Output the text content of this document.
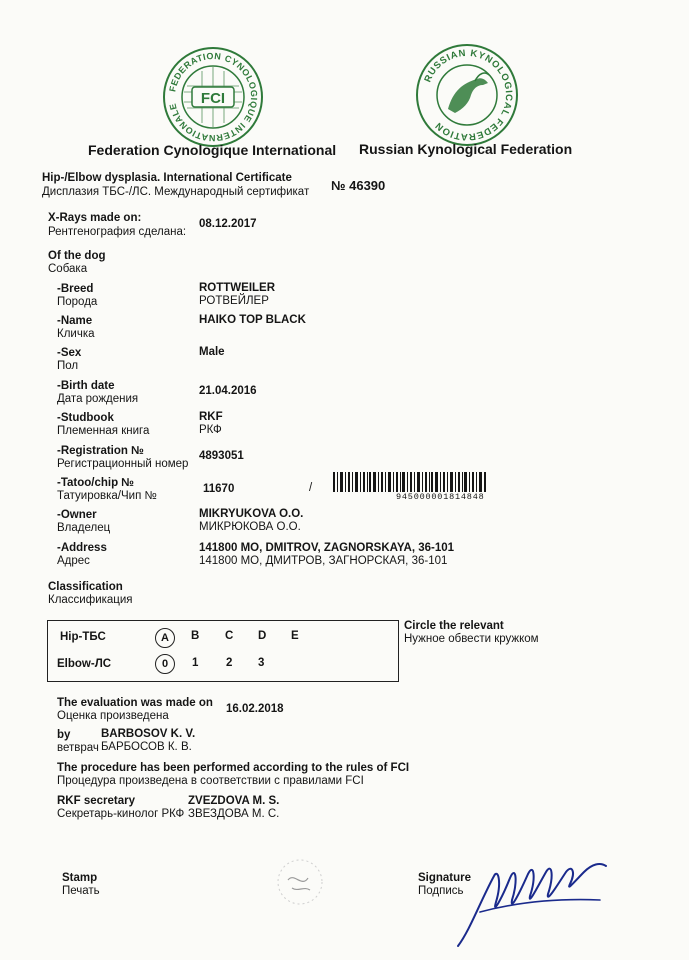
FEDERATION CYNOLOGIQUE INTERNATIONALE	FCI
RUSSIAN KYNOLOGICAL FEDERATION
Federation Cynologique International Russian Kynological Federation
Hip-/Elbow dysplasia. International Certificate
Дисплазия ТБС-/ЛС. Международный сертификат № 46390
X-Rays made on:
Рентгенография сделана:
08.12.2017
Of the dog
Собака
-Breed
Порода
ROTTWEILER
РОТВЕЙЛЕР
-Name
Кличка
HAIKO TOP BLACK
-Sex
Пол
Male
-Birth date
Дата рождения
21.04.2016
-Studbook
Племенная книга
RKF
РКФ
-Registration №
Регистрационный номер
4893051
-Tatoo/chip №
Татуировка/Чип №
11670	/
945000001814848
-Owner
Владелец
MIKRYUKOVA O.O.
МИКРЮКОВА О.О.
-Address
Адрес
141800 MO, DMITROV, ZAGNORSKAYA, 36-101
141800 МО, ДМИТРОВ, ЗАГНОРСКАЯ, 36-101
Classification
Классификация
Hip-ТБС	A	B C D E
Elbow-ЛС	0	1 2 3
Circle the relevant
Нужное обвести кружком
The evaluation was made on
Оценка произведена
16.02.2018
by
ветврач
BARBOSOV K. V.
БАРБОСОВ К. В.
The procedure has been performed according to the rules of FCI
Процедура произведена в соответствии с правилами FCI
RKF secretary
Секретарь-кинолог РКФ
ZVEZDOVA M. S.
ЗВЕЗДОВА М. С.
Stamp
Печать
Signature
Подпись
